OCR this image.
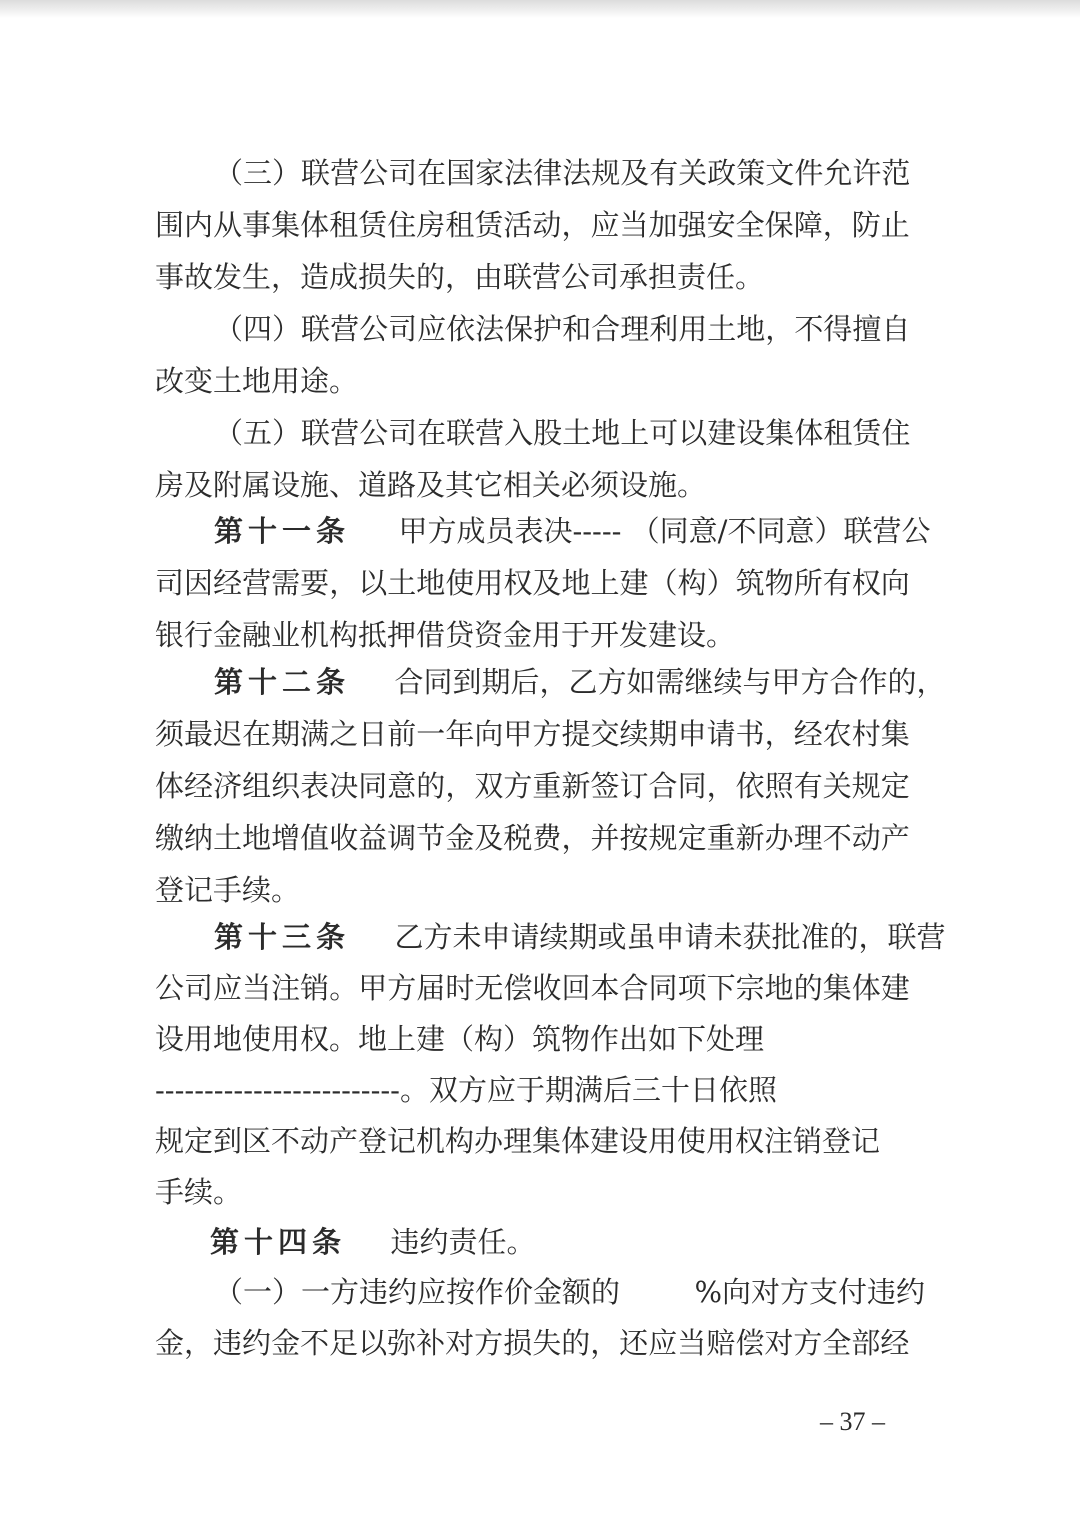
（ 三 ） 联 营 公 司 在 国 家 法 律 法 规 及 有 关 政 策 文 件 允 许 范
围 内 从 事 集 体 租 赁 住 房 租 赁 活 动 ， 应 当 加 强 安 全 保 障 ， 防 止
事故发生，造成损失的，由联营公司承担责任。
（ 四 ） 联 营 公 司 应 依 法 保 护 和 合 理 利 用 土 地 ， 不 得 擅 自
改变土地用途。
（ 五 ） 联 营 公 司 在 联 营 入 股 土 地 上 可 以 建 设 集 体 租 赁 住
房及附属设施、道路及其它相关必须设施。
第十一条 甲方成员表决----- （同意/不同意）联营公
司 因 经 营 需 要 ， 以 土 地 使 用 权 及 地 上 建 （ 构 ） 筑 物 所 有 权 向
银行金融业机构抵押借贷资金用于开发建设。
第十二条 合同到期后，乙方如需继续与甲方合作的，
须 最 迟 在 期 满 之 日 前 一 年 向 甲 方 提 交 续 期 申 请 书 ， 经 农 村 集
体 经 济 组 织 表 决 同 意 的 ， 双 方 重 新 签 订 合 同 ， 依 照 有 关 规 定
缴 纳 土 地 增 值 收 益 调 节 金 及 税 费 ， 并 按 规 定 重 新 办 理 不 动 产
登记手续。
第十三条 乙方未申请续期或虽申请未获批准的，联营
公 司 应 当 注 销 。 甲 方 届 时 无 偿 收 回 本 合 同 项 下 宗 地 的 集 体 建
设用地使用权。地上建（构）筑物作出如下处理
-------------------------。双方应于期满后三十日依照
规定到区不动产登记机构办理集体建设用使用权注销登记
手续。
第十四条 违约责任。
（一）一方违约应按作价金额的	%向对方支付违约
金 ， 违 约 金 不 足 以 弥 补 对 方 损 失 的 ， 还 应 当 赔 偿 对 方 全 部 经
– 37 –
